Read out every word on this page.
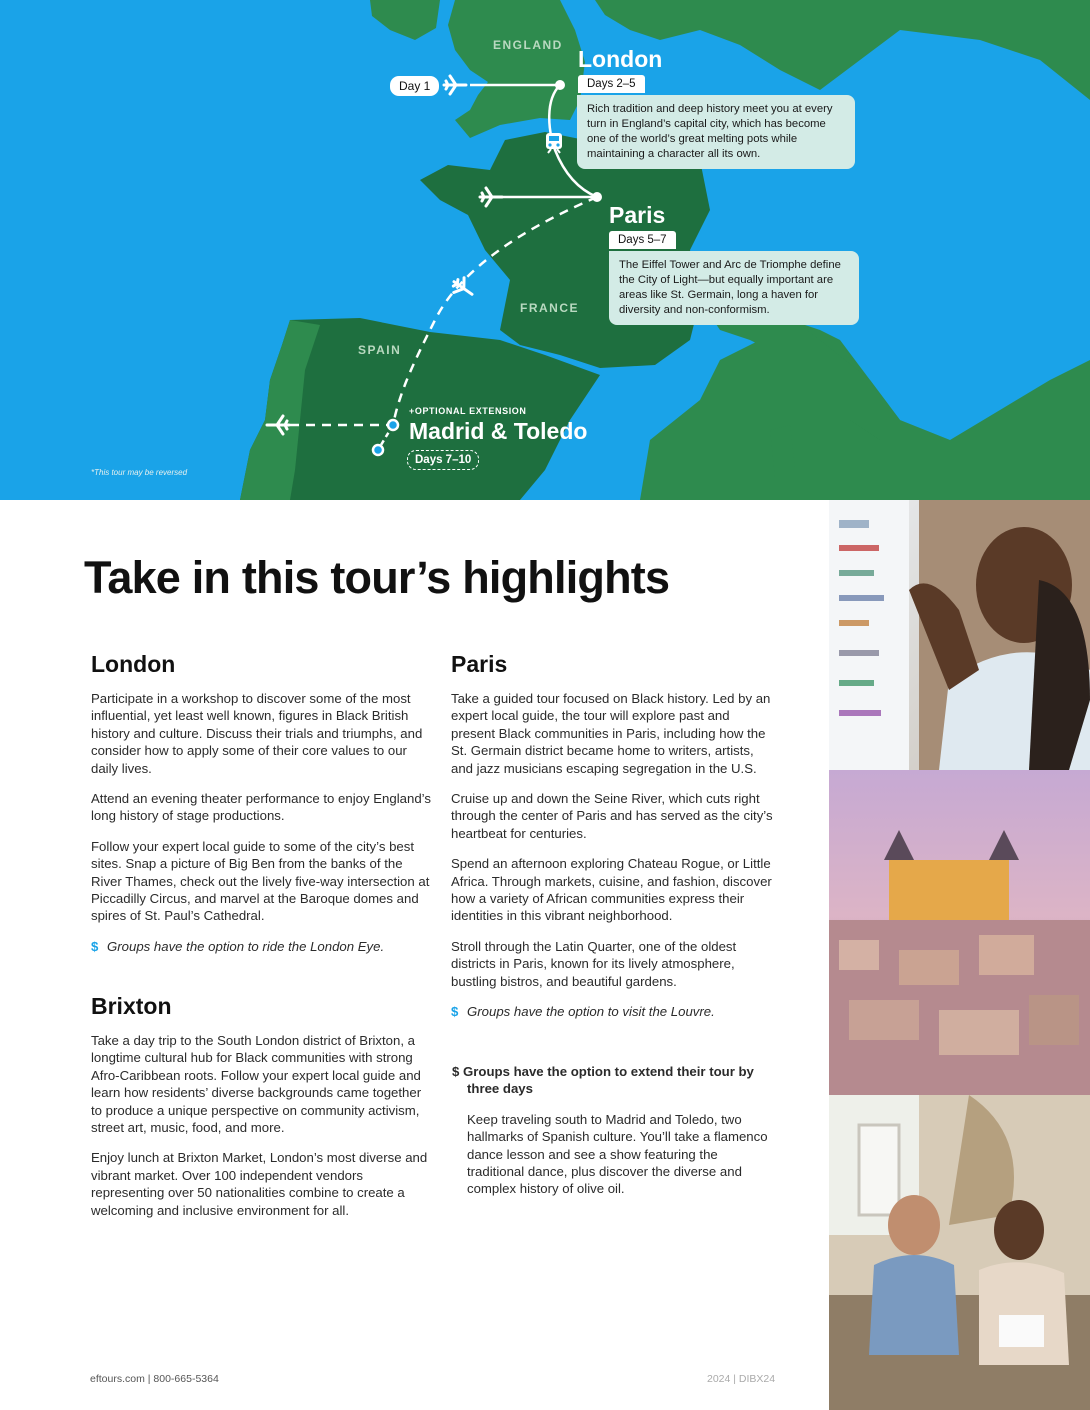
ENGLAND
FRANCE
SPAIN
Day 1
London
Days 2–5
Rich tradition and deep history meet you at every turn in England’s capital city, which has become one of the world’s great melting pots while maintaining a character all its own.
Paris
Days 5–7
The Eiffel Tower and Arc de Triomphe define the City of Light—but equally important are areas like St. Germain, long a haven for diversity and non-conformism.
+OPTIONAL EXTENSION
Madrid & Toledo
Days 7–10
*This tour may be reversed
Take in this tour’s highlights
London

Participate in a workshop to discover some of the most influential, yet least well known, figures in Black British history and culture. Discuss their trials and triumphs, and consider how to apply some of their core values to our daily lives.

Attend an evening theater performance to enjoy England’s long history of stage productions.

Follow your expert local guide to some of the city’s best sites. Snap a picture of Big Ben from the banks of the River Thames, check out the lively five-way intersection at Piccadilly Circus, and marvel at the Baroque domes and spires of St. Paul’s Cathedral.

$ Groups have the option to ride the London Eye.

Brixton

Take a day trip to the South London district of Brixton, a longtime cultural hub for Black communities with strong Afro-Caribbean roots. Follow your expert local guide and learn how residents’ diverse backgrounds came together to produce a unique perspective on community activism, street art, music, food, and more.

Enjoy lunch at Brixton Market, London’s most diverse and vibrant market. Over 100 independent vendors representing over 50 nationalities combine to create a welcoming and inclusive environment for all.

Paris

Take a guided tour focused on Black history. Led by an expert local guide, the tour will explore past and present Black communities in Paris, including how the St. Germain district became home to writers, artists, and jazz musicians escaping segregation in the U.S.

Cruise up and down the Seine River, which cuts right through the center of Paris and has served as the city’s heartbeat for centuries.

Spend an afternoon exploring Chateau Rogue, or Little Africa. Through markets, cuisine, and fashion, discover how a variety of African communities express their identities in this vibrant neighborhood.

Stroll through the Latin Quarter, one of the oldest districts in Paris, known for its lively atmosphere, bustling bistros, and beautiful gardens.

$ Groups have the option to visit the Louvre.

$ Groups have the option to extend their tour by three days

Keep traveling south to Madrid and Toledo, two hallmarks of Spanish culture. You’ll take a flamenco dance lesson and see a show featuring the traditional dance, plus discover the diverse and complex history of olive oil.

eftours.com | 800-665-5364	2024 | DIBX24
